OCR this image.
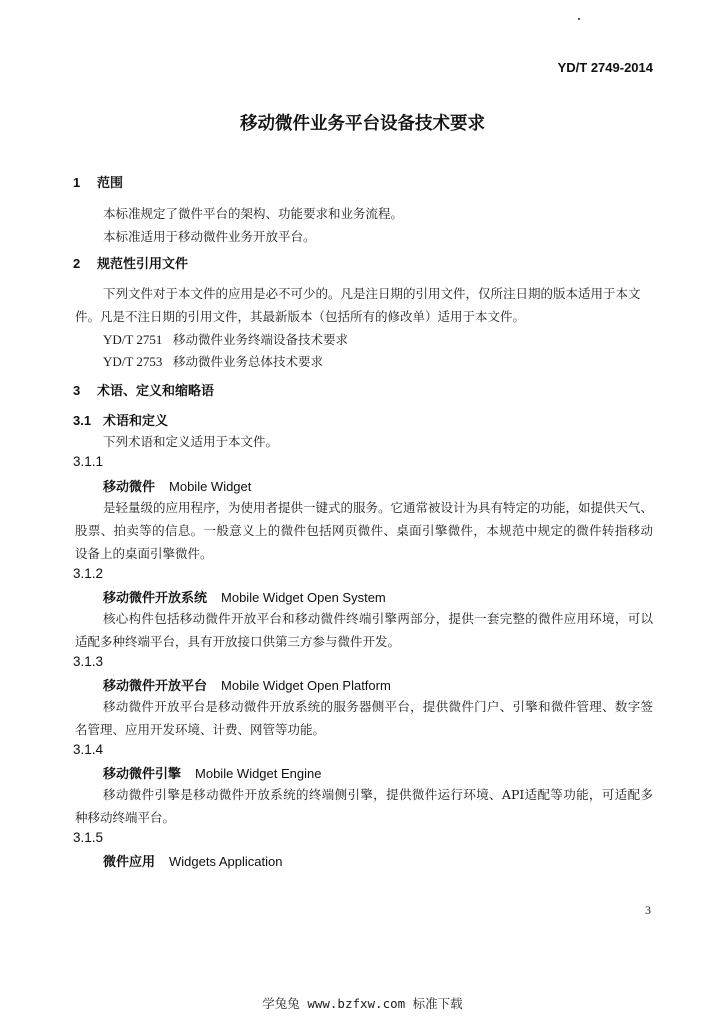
YD/T 2749-2014
移动微件业务平台设备技术要求
1 范围
本标准规定了微件平台的架构、功能要求和业务流程。
本标准适用于移动微件业务开放平台。
2 规范性引用文件
下列文件对于本文件的应用是必不可少的。凡是注日期的引用文件，仅所注日期的版本适用于本文
件。凡是不注日期的引用文件，其最新版本（包括所有的修改单）适用于本文件。
YD/T 2751 移动微件业务终端设备技术要求
YD/T 2753 移动微件业务总体技术要求
3 术语、定义和缩略语
3.1 术语和定义
下列术语和定义适用于本文件。
3.1.1
移动微件 Mobile Widget
是轻量级的应用程序，为使用者提供一键式的服务。它通常被设计为具有特定的功能，如提供天气、
股票、拍卖等的信息。一般意义上的微件包括网页微件、桌面引擎微件，本规范中规定的微件转指移动
设备上的桌面引擎微件。
3.1.2
移动微件开放系统 Mobile Widget Open System
核心构件包括移动微件开放平台和移动微件终端引擎两部分，提供一套完整的微件应用环境，可以
适配多种终端平台，具有开放接口供第三方参与微件开发。
3.1.3
移动微件开放平台 Mobile Widget Open Platform
移动微件开放平台是移动微件开放系统的服务器侧平台，提供微件门户、引擎和微件管理、数字签
名管理、应用开发环境、计费、网管等功能。
3.1.4
移动微件引擎 Mobile Widget Engine
移动微件引擎是移动微件开放系统的终端侧引擎，提供微件运行环境、API适配等功能，可适配多
种移动终端平台。
3.1.5
微件应用 Widgets Application
3
学兔兔 www.bzfxw.com 标准下载
